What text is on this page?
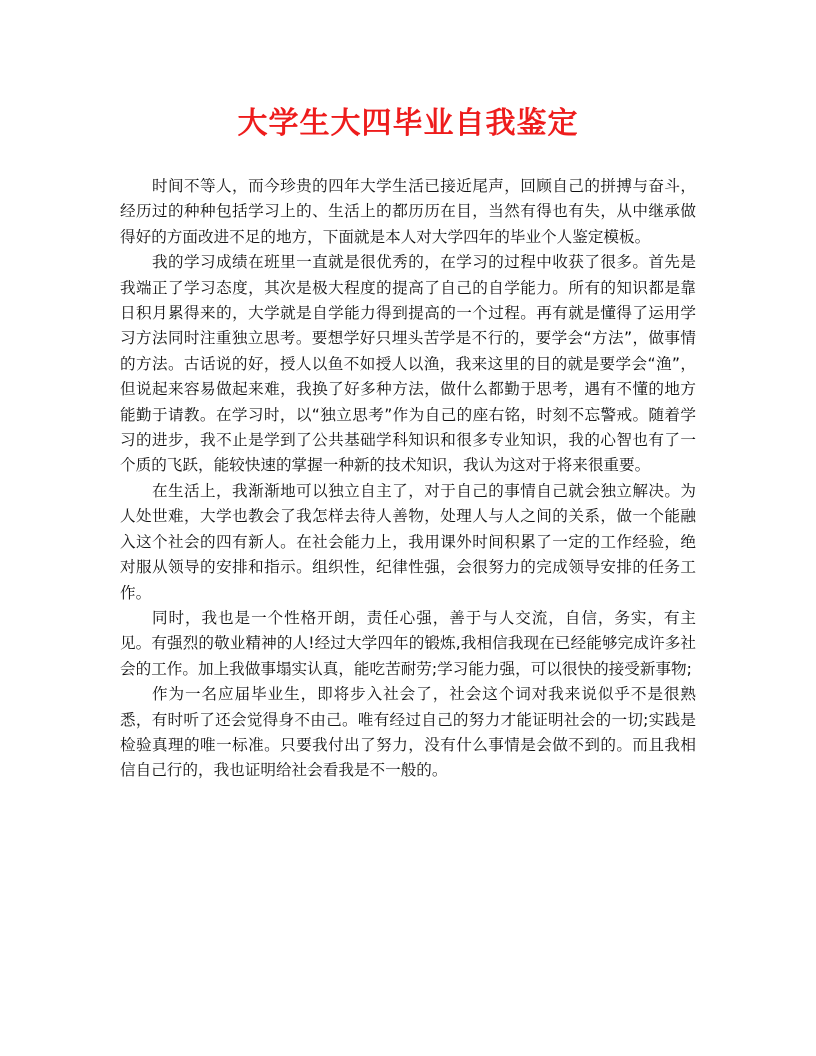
大学生大四毕业自我鉴定

时间不等人，而今珍贵的四年大学生活已接近尾声，回顾自己的拼搏与奋斗，经历过的种种包括学习上的、生活上的都历历在目，当然有得也有失，从中继承做得好的方面改进不足的地方，下面就是本人对大学四年的毕业个人鉴定模板。

我的学习成绩在班里一直就是很优秀的，在学习的过程中收获了很多。首先是我端正了学习态度，其次是极大程度的提高了自己的自学能力。所有的知识都是靠日积月累得来的，大学就是自学能力得到提高的一个过程。再有就是懂得了运用学习方法同时注重独立思考。要想学好只埋头苦学是不行的，要学会“方法”，做事情的方法。古话说的好，授人以鱼不如授人以渔，我来这里的目的就是要学会“渔”，但说起来容易做起来难，我换了好多种方法，做什么都勤于思考，遇有不懂的地方能勤于请教。在学习时，以“独立思考”作为自己的座右铭，时刻不忘警戒。随着学习的进步，我不止是学到了公共基础学科知识和很多专业知识，我的心智也有了一个质的飞跃，能较快速的掌握一种新的技术知识，我认为这对于将来很重要。

在生活上，我渐渐地可以独立自主了，对于自己的事情自己就会独立解决。为人处世难，大学也教会了我怎样去待人善物，处理人与人之间的关系，做一个能融入这个社会的四有新人。在社会能力上，我用课外时间积累了一定的工作经验，绝对服从领导的安排和指示。组织性，纪律性强，会很努力的完成领导安排的任务工作。

同时，我也是一个性格开朗，责任心强，善于与人交流，自信，务实，有主见。有强烈的敬业精神的人!经过大学四年的锻炼,我相信我现在已经能够完成许多社会的工作。加上我做事塌实认真，能吃苦耐劳;学习能力强，可以很快的接受新事物;

作为一名应届毕业生，即将步入社会了，社会这个词对我来说似乎不是很熟悉，有时听了还会觉得身不由己。唯有经过自己的努力才能证明社会的一切;实践是检验真理的唯一标准。只要我付出了努力，没有什么事情是会做不到的。而且我相信自己行的，我也证明给社会看我是不一般的。
